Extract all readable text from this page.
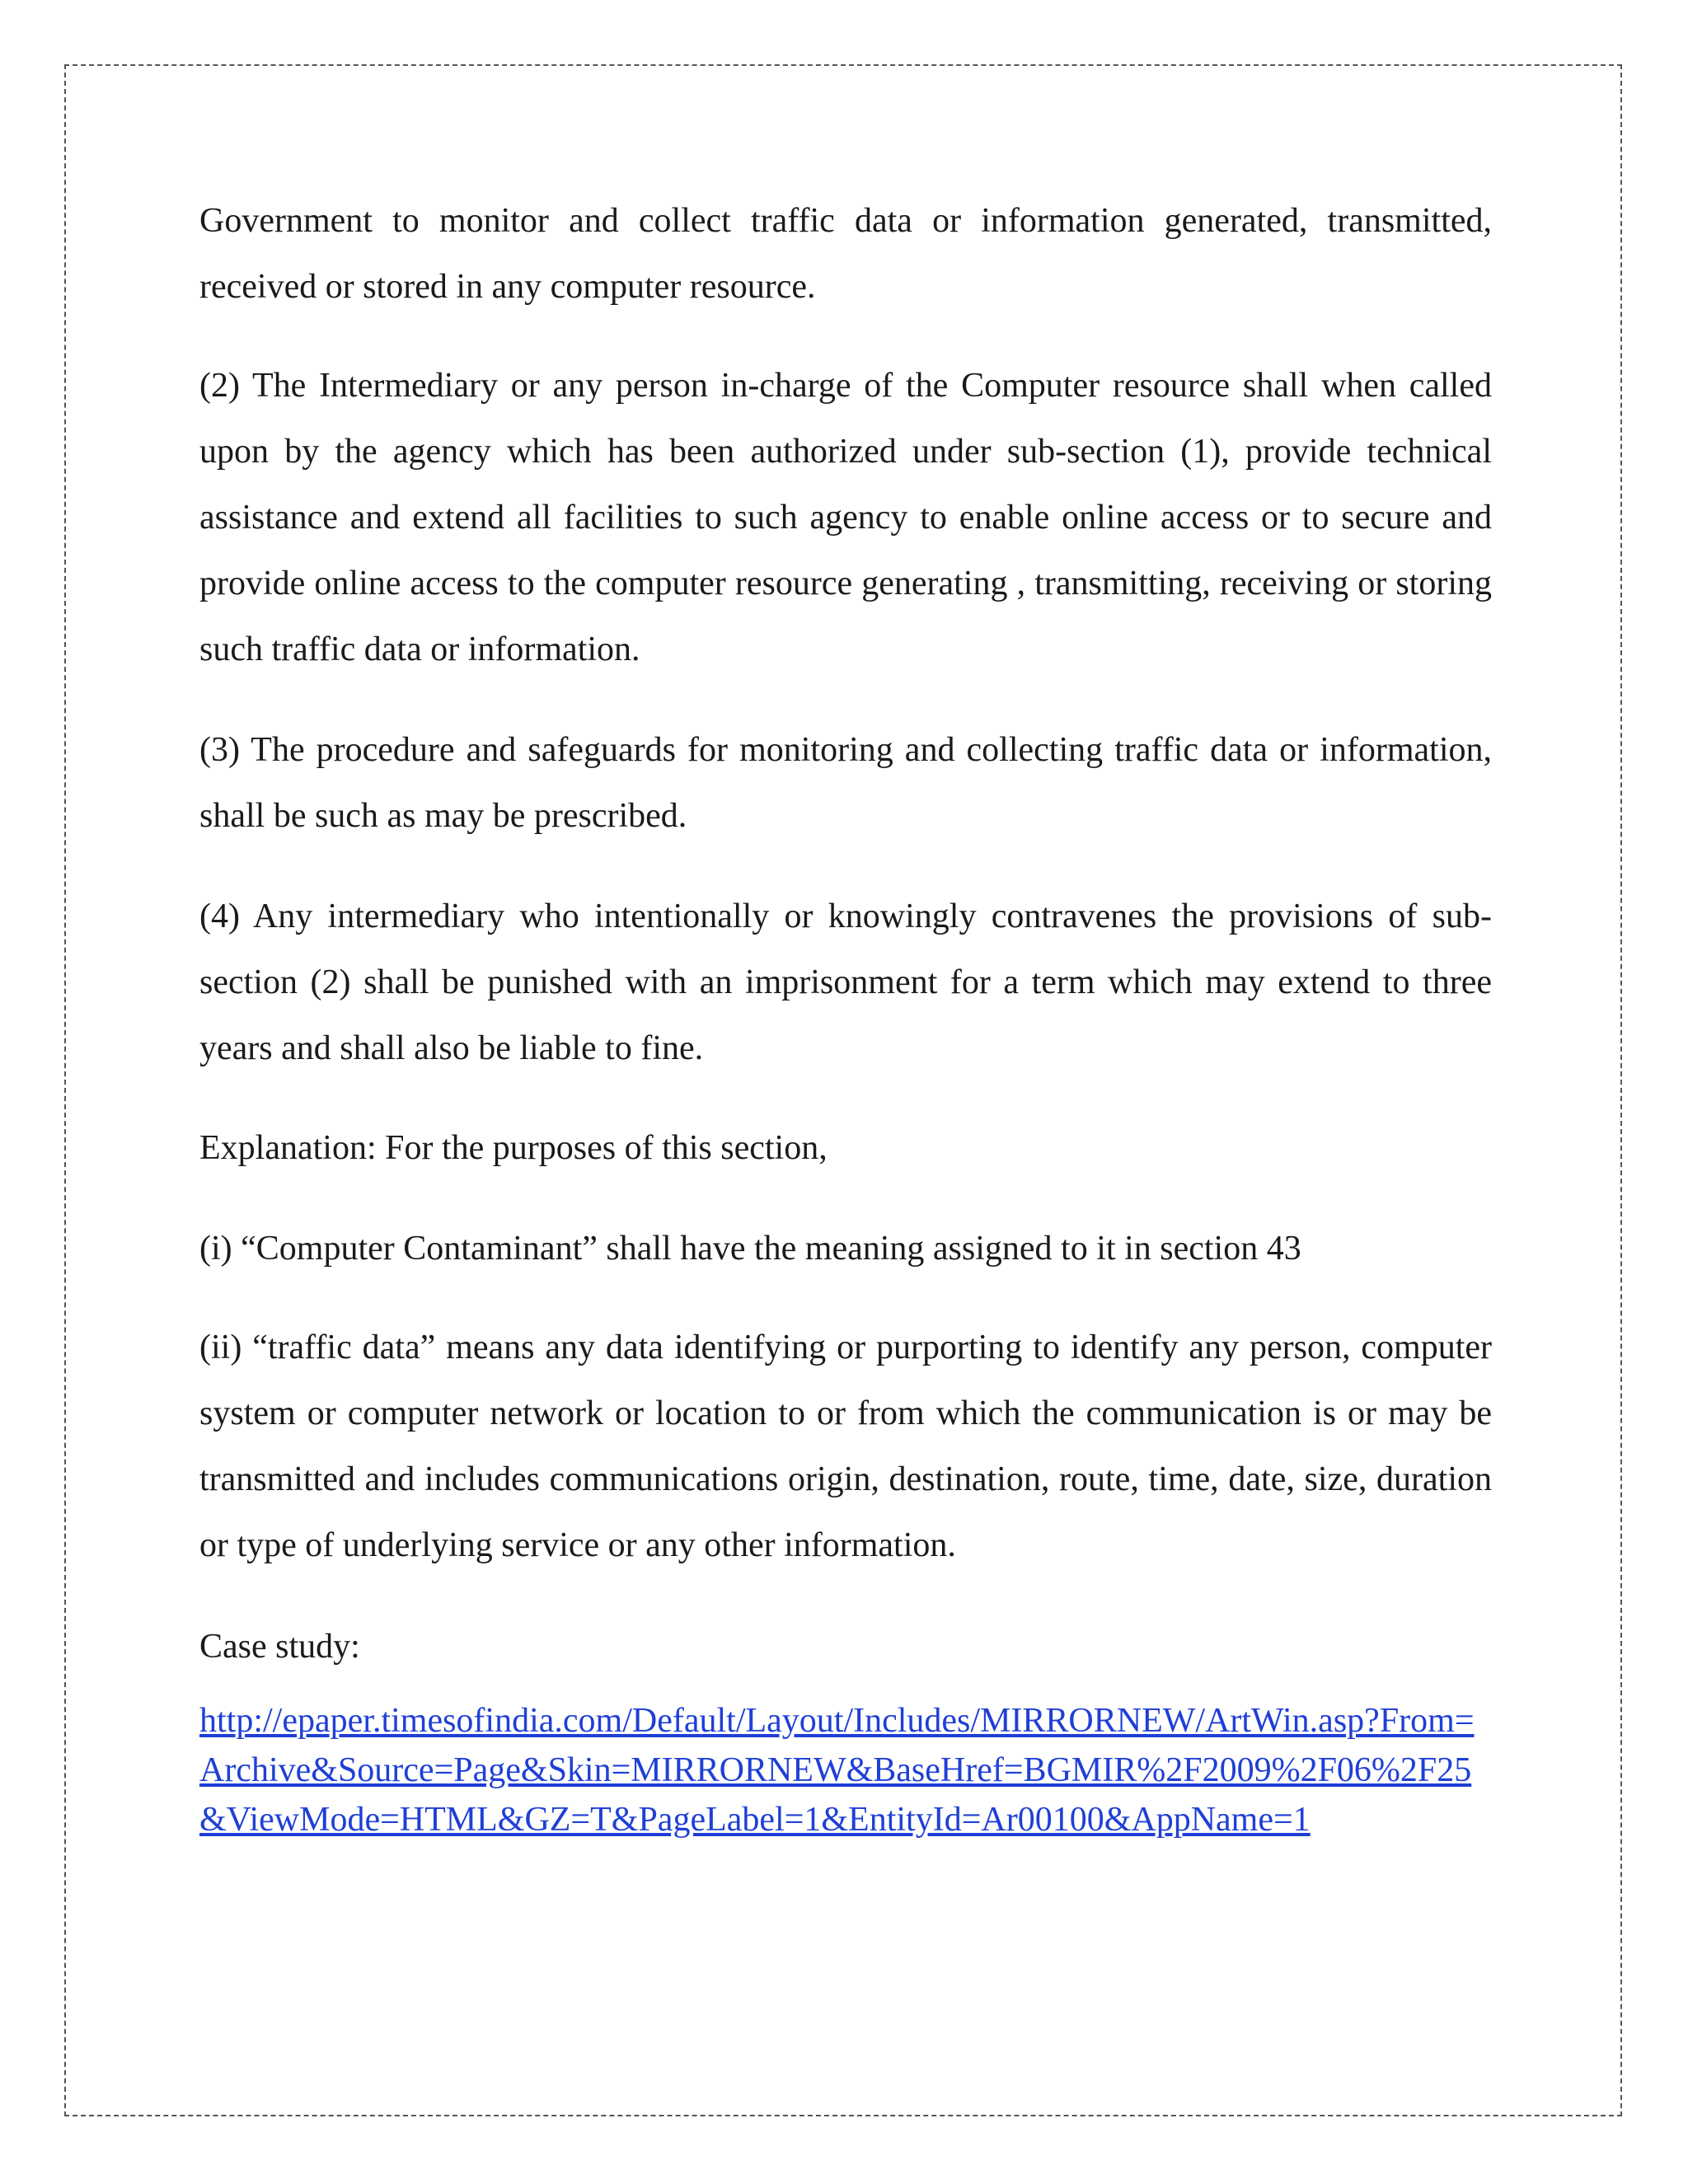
Government to monitor and collect traffic data or information generated, transmitted, received or stored in any computer resource.

(2) The Intermediary or any person in-charge of the Computer resource shall when called upon by the agency which has been authorized under sub-section (1), provide technical assistance and extend all facilities to such agency to enable online access or to secure and provide online access to the computer resource generating , transmitting, receiving or storing such traffic data or information.

(3) The procedure and safeguards for monitoring and collecting traffic data or information, shall be such as may be prescribed.

(4) Any intermediary who intentionally or knowingly contravenes the provisions of sub-section (2) shall be punished with an imprisonment for a term which may extend to three years and shall also be liable to fine.

Explanation: For the purposes of this section,

(i) “Computer Contaminant” shall have the meaning assigned to it in section 43

(ii) “traffic data” means any data identifying or purporting to identify any person, computer system or computer network or location to or from which the communication is or may be transmitted and includes communications origin, destination, route, time, date, size, duration or type of underlying service or any other information.

Case study:

http://epaper.timesofindia.com/Default/Layout/Includes/MIRRORNEW/ArtWin.asp?From=Archive&Source=Page&Skin=MIRRORNEW&BaseHref=BGMIR%2F2009%2F06%2F25&ViewMode=HTML&GZ=T&PageLabel=1&EntityId=Ar00100&AppName=1
